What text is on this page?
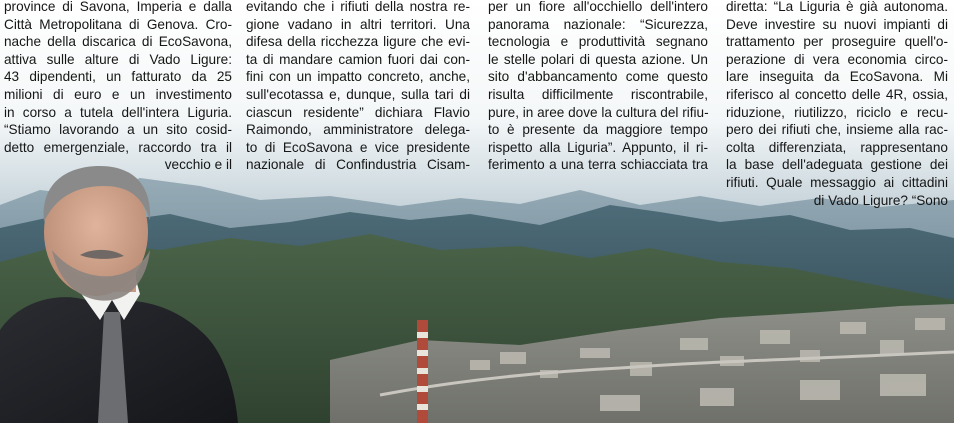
province di Savona, Imperia e dalla
Città Metropolitana di Genova. Cro-
nache della discarica di EcoSavona,
attiva sulle alture di Vado Ligure:
43 dipendenti, un fatturato da 25
milioni di euro e un investimento
in corso a tutela dell'intera Liguria.
“Stiamo lavorando a un sito cosid-
detto emergenziale, raccordo tra il
vecchio e il
evitando che i rifiuti della nostra re-
gione vadano in altri territori. Una
difesa della ricchezza ligure che evi-
ta di mandare camion fuori dai con-
fini con un impatto concreto, anche,
sull'ecotassa e, dunque, sulla tari di
ciascun residente” dichiara Flavio
Raimondo, amministratore delega-
to di EcoSavona e vice presidente
nazionale di Confindustria Cisam-
per un fiore all'occhiello dell'intero
panorama nazionale: “Sicurezza,
tecnologia e produttività segnano
le stelle polari di questa azione. Un
sito d'abbancamento come questo
risulta difficilmente riscontrabile,
pure, in aree dove la cultura del rifiu-
to è presente da maggiore tempo
rispetto alla Liguria”. Appunto, il ri-
ferimento a una terra schiacciata tra
diretta: “La Liguria è già autonoma.
Deve investire su nuovi impianti di
trattamento per proseguire quell'o-
perazione di vera economia circo-
lare inseguita da EcoSavona. Mi
riferisco al concetto delle 4R, ossia,
riduzione, riutilizzo, riciclo e recu-
pero dei rifiuti che, insieme alla rac-
colta differenziata, rappresentano
la base dell'adeguata gestione dei
rifiuti. Quale messaggio ai cittadini
di Vado Ligure? “Sono
